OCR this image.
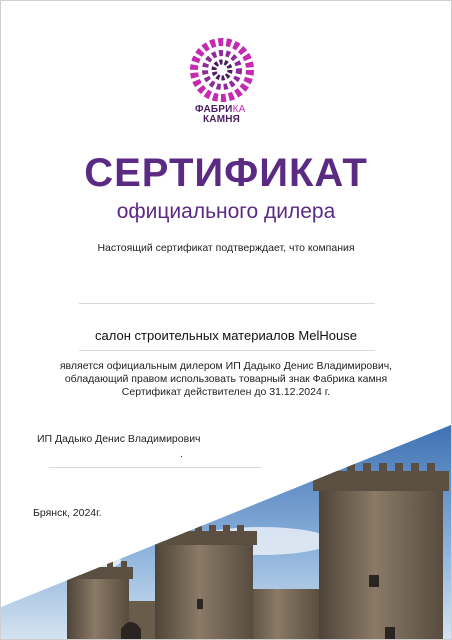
ФАБРИКА
КАМНЯ
СЕРТИФИКАТ
официального дилера
Настоящий сертификат подтверждает, что компания
салон строительных материалов MelHouse
является официальным дилером ИП Дадыко Денис Владимирович,
обладающий правом использовать товарный знак Фабрика камня
Сертификат действителен до 31.12.2024 г.
ИП Дадыко Денис Владимирович
.
Брянск, 2024г.
